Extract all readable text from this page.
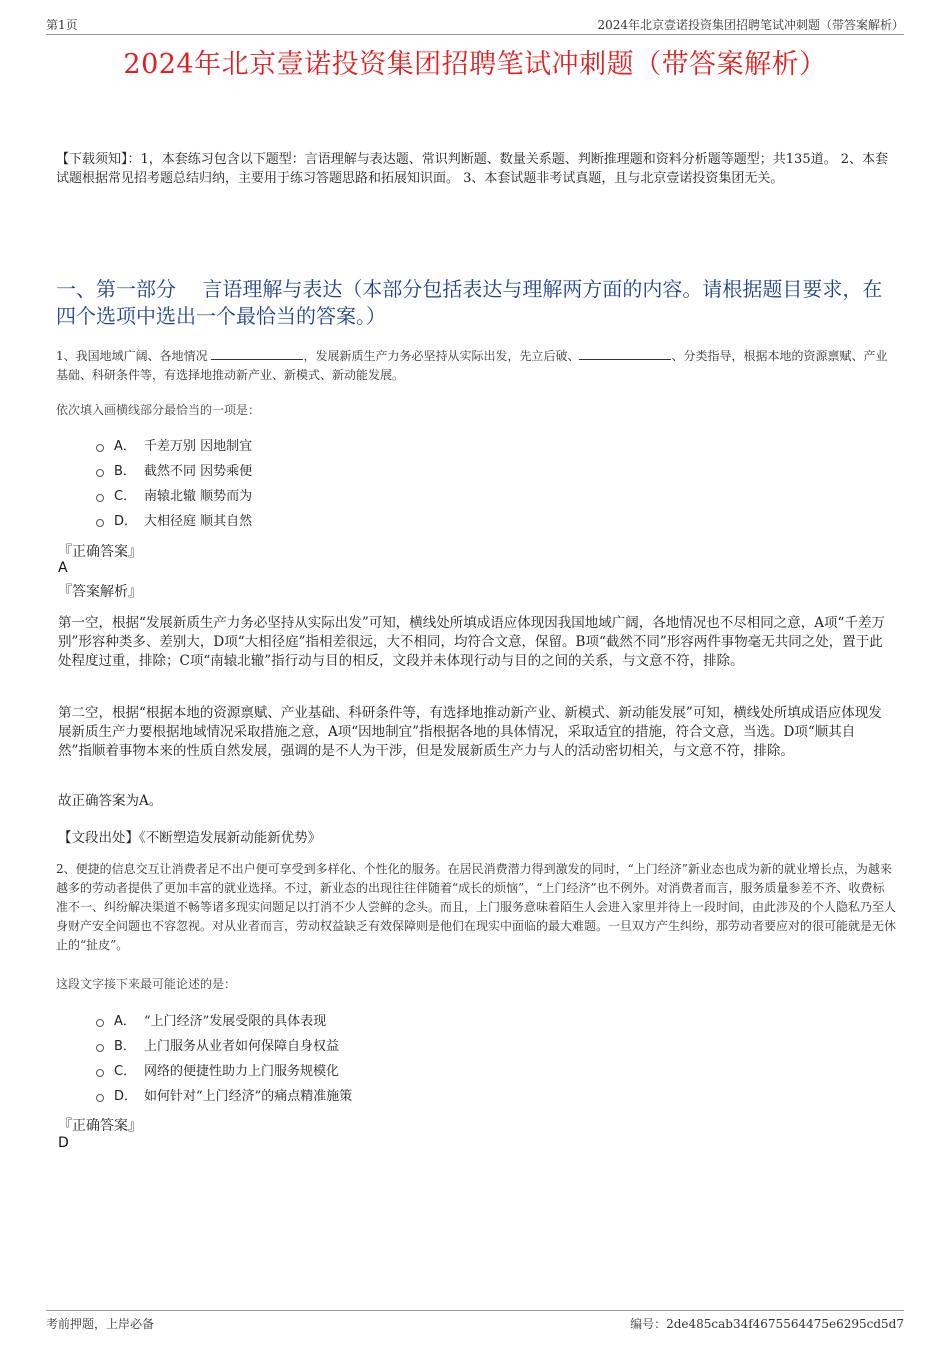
第1页	2024年北京壹诺投资集团招聘笔试冲刺题（带答案解析）
2024年北京壹诺投资集团招聘笔试冲刺题（带答案解析）
【下载须知】：1，本套练习包含以下题型：言语理解与表达题、常识判断题、数量关系题、判断推理题和资料分析题等题型；共135道。 2、本套试题根据常见招考题总结归纳，主要用于练习答题思路和拓展知识面。 3、本套试题非考试真题，且与北京壹诺投资集团无关。
一、第一部分　 言语理解与表达（本部分包括表达与理解两方面的内容。请根据题目要求，在四个选项中选出一个最恰当的答案。）
1、我国地域广阔、各地情况	，发展新质生产力务必坚持从实际出发，先立后破、	、分类指导，根据本地的资源禀赋、产业基础、科研条件等，有选择地推动新产业、新模式、新动能发展。
依次填入画横线部分最恰当的一项是：
A． 千差万别 因地制宜
B． 截然不同 因势乘便
C． 南辕北辙 顺势而为
D． 大相径庭 顺其自然
『正确答案』
A
『答案解析』
第一空，根据“发展新质生产力务必坚持从实际出发”可知，横线处所填成语应体现因我国地域广阔，各地情况也不尽相同之意，A项“千差万别”形容种类多、差别大，D项“大相径庭”指相差很远，大不相同，均符合文意，保留。B项“截然不同”形容两件事物毫无共同之处，置于此处程度过重，排除；C项“南辕北辙”指行动与目的相反，文段并未体现行动与目的之间的关系，与文意不符，排除。
第二空，根据“根据本地的资源禀赋、产业基础、科研条件等，有选择地推动新产业、新模式、新动能发展”可知，横线处所填成语应体现发展新质生产力要根据地域情况采取措施之意，A项“因地制宜”指根据各地的具体情况，采取适宜的措施，符合文意，当选。D项“顺其自然”指顺着事物本来的性质自然发展，强调的是不人为干涉，但是发展新质生产力与人的活动密切相关，与文意不符，排除。
故正确答案为A。
【文段出处】《不断塑造发展新动能新优势》
2、便捷的信息交互让消费者足不出户便可享受到多样化、个性化的服务。在居民消费潜力得到激发的同时，“上门经济”新业态也成为新的就业增长点，为越来越多的劳动者提供了更加丰富的就业选择。不过，新业态的出现往往伴随着“成长的烦恼”，“上门经济”也不例外。对消费者而言，服务质量参差不齐、收费标准不一、纠纷解决渠道不畅等诸多现实问题足以打消不少人尝鲜的念头。而且，上门服务意味着陌生人会进入家里并待上一段时间，由此涉及的个人隐私乃至人身财产安全问题也不容忽视。对从业者而言，劳动权益缺乏有效保障则是他们在现实中面临的最大难题。一旦双方产生纠纷，那劳动者要应对的很可能就是无休止的“扯皮”。
这段文字接下来最可能论述的是：
A． “上门经济”发展受限的具体表现
B． 上门服务从业者如何保障自身权益
C． 网络的便捷性助力上门服务规模化
D． 如何针对“上门经济”的痛点精准施策
『正确答案』
D
考前押题，上岸必备	编号：2de485cab34f4675564475e6295cd5d7
